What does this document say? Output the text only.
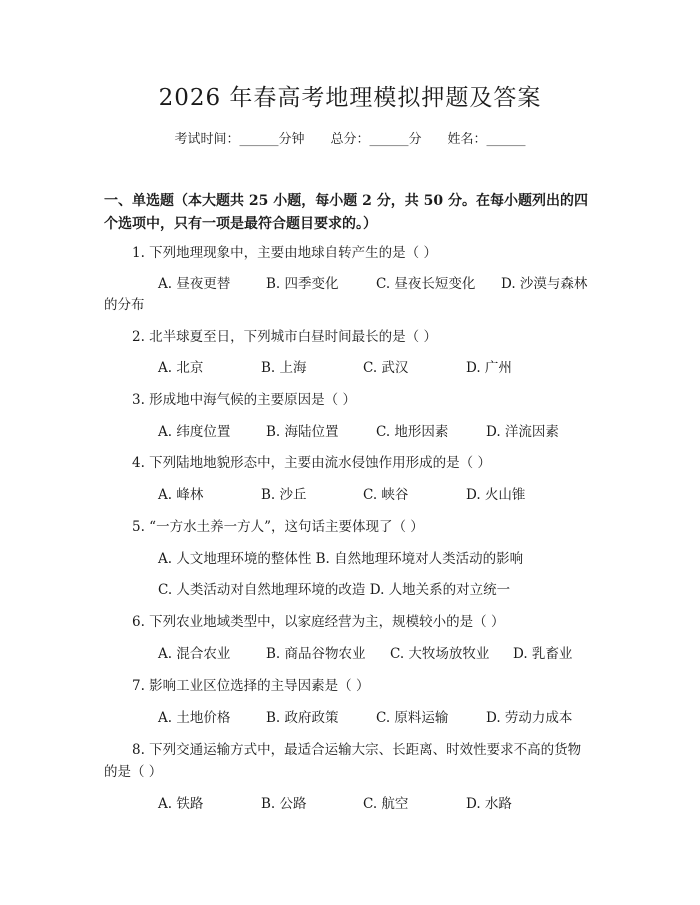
2026 年春高考地理模拟押题及答案
考试时间：______分钟 总分：______分 姓名：______
一、单选题（本大题共 25 小题，每小题 2 分，共 50 分。在每小题列出的四个选项中，只有一项是最符合题目要求的。）
1. 下列地理现象中，主要由地球自转产生的是（ ）
A. 昼夜更替	B. 四季变化	C. 昼夜长短变化 D. 沙漠与森林
的分布
2. 北半球夏至日，下列城市白昼时间最长的是（ ）
A. 北京	B. 上海	C. 武汉	D. 广州
3. 形成地中海气候的主要原因是（ ）
A. 纬度位置	B. 海陆位置	C. 地形因素	D. 洋流因素
4. 下列陆地地貌形态中，主要由流水侵蚀作用形成的是（ ）
A. 峰林	B. 沙丘	C. 峡谷	D. 火山锥
5. “一方水土养一方人”，这句话主要体现了（ ）
A. 人文地理环境的整体性 B. 自然地理环境对人类活动的影响
C. 人类活动对自然地理环境的改造 D. 人地关系的对立统一
6. 下列农业地域类型中，以家庭经营为主，规模较小的是（ ）
A. 混合农业	B. 商品谷物农业 C. 大牧场放牧业 D. 乳畜业
7. 影响工业区位选择的主导因素是（ ）
A. 土地价格	B. 政府政策	C. 原料运输	D. 劳动力成本
8. 下列交通运输方式中，最适合运输大宗、长距离、时效性要求不高的货物
的是（ ）
A. 铁路	B. 公路	C. 航空	D. 水路
